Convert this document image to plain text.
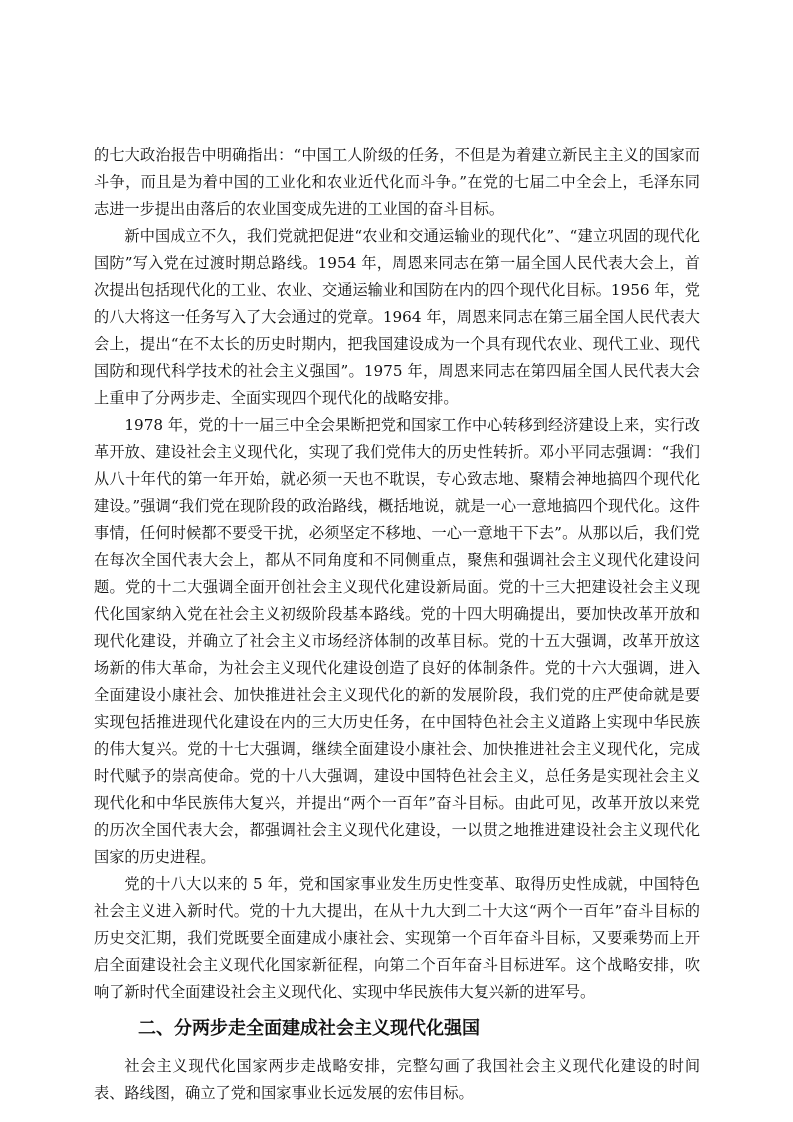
的七大政治报告中明确指出：“中国工人阶级的任务，不但是为着建立新民主主义的国家而斗争，而且是为着中国的工业化和农业近代化而斗争。”在党的七届二中全会上，毛泽东同志进一步提出由落后的农业国变成先进的工业国的奋斗目标。

新中国成立不久，我们党就把促进“农业和交通运输业的现代化”、“建立巩固的现代化国防”写入党在过渡时期总路线。1954 年，周恩来同志在第一届全国人民代表大会上，首次提出包括现代化的工业、农业、交通运输业和国防在内的四个现代化目标。1956 年，党的八大将这一任务写入了大会通过的党章。1964 年，周恩来同志在第三届全国人民代表大会上，提出“在不太长的历史时期内，把我国建设成为一个具有现代农业、现代工业、现代国防和现代科学技术的社会主义强国”。1975 年，周恩来同志在第四届全国人民代表大会上重申了分两步走、全面实现四个现代化的战略安排。

1978 年，党的十一届三中全会果断把党和国家工作中心转移到经济建设上来，实行改革开放、建设社会主义现代化，实现了我们党伟大的历史性转折。邓小平同志强调：“我们从八十年代的第一年开始，就必须一天也不耽误，专心致志地、聚精会神地搞四个现代化建设。”强调“我们党在现阶段的政治路线，概括地说，就是一心一意地搞四个现代化。这件事情，任何时候都不要受干扰，必须坚定不移地、一心一意地干下去”。从那以后，我们党在每次全国代表大会上，都从不同角度和不同侧重点，聚焦和强调社会主义现代化建设问题。党的十二大强调全面开创社会主义现代化建设新局面。党的十三大把建设社会主义现代化国家纳入党在社会主义初级阶段基本路线。党的十四大明确提出，要加快改革开放和现代化建设，并确立了社会主义市场经济体制的改革目标。党的十五大强调，改革开放这场新的伟大革命，为社会主义现代化建设创造了良好的体制条件。党的十六大强调，进入全面建设小康社会、加快推进社会主义现代化的新的发展阶段，我们党的庄严使命就是要实现包括推进现代化建设在内的三大历史任务，在中国特色社会主义道路上实现中华民族的伟大复兴。党的十七大强调，继续全面建设小康社会、加快推进社会主义现代化，完成时代赋予的崇高使命。党的十八大强调，建设中国特色社会主义，总任务是实现社会主义现代化和中华民族伟大复兴，并提出“两个一百年”奋斗目标。由此可见，改革开放以来党的历次全国代表大会，都强调社会主义现代化建设，一以贯之地推进建设社会主义现代化国家的历史进程。

党的十八大以来的 5 年，党和国家事业发生历史性变革、取得历史性成就，中国特色社会主义进入新时代。党的十九大提出，在从十九大到二十大这“两个一百年”奋斗目标的历史交汇期，我们党既要全面建成小康社会、实现第一个百年奋斗目标，又要乘势而上开启全面建设社会主义现代化国家新征程，向第二个百年奋斗目标进军。这个战略安排，吹响了新时代全面建设社会主义现代化、实现中华民族伟大复兴新的进军号。

二、分两步走全面建成社会主义现代化强国

社会主义现代化国家两步走战略安排，完整勾画了我国社会主义现代化建设的时间表、路线图，确立了党和国家事业长远发展的宏伟目标。
